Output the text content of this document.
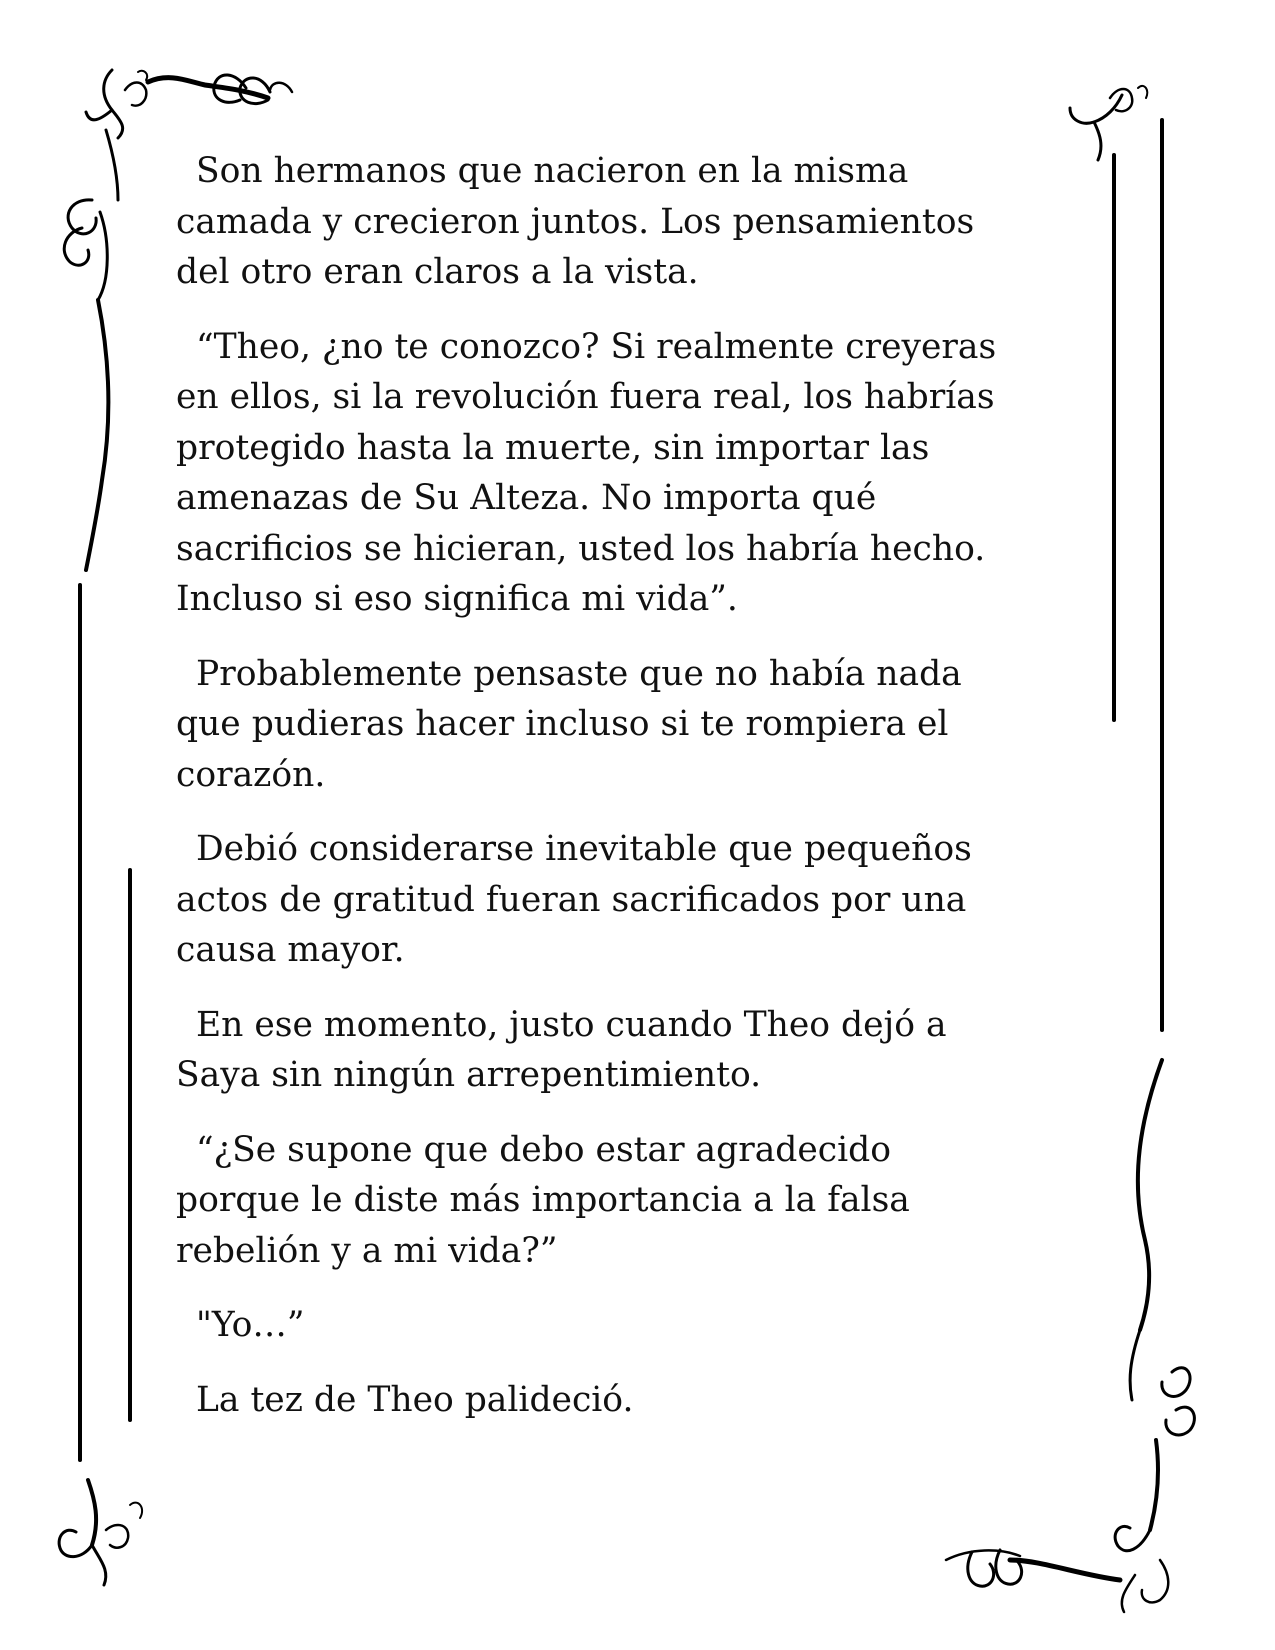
Son hermanos que nacieron en la misma
camada y crecieron juntos. Los pensamientos
del otro eran claros a la vista.

“Theo, ¿no te conozco? Si realmente creyeras
en ellos, si la revolución fuera real, los habrías
protegido hasta la muerte, sin importar las
amenazas de Su Alteza. No importa qué
sacrificios se hicieran, usted los habría hecho.
Incluso si eso significa mi vida”.

Probablemente pensaste que no había nada
que pudieras hacer incluso si te rompiera el
corazón.

Debió considerarse inevitable que pequeños
actos de gratitud fueran sacrificados por una
causa mayor.

En ese momento, justo cuando Theo dejó a
Saya sin ningún arrepentimiento.

“¿Se supone que debo estar agradecido
porque le diste más importancia a la falsa
rebelión y a mi vida?”

"Yo…”

La tez de Theo palideció.
